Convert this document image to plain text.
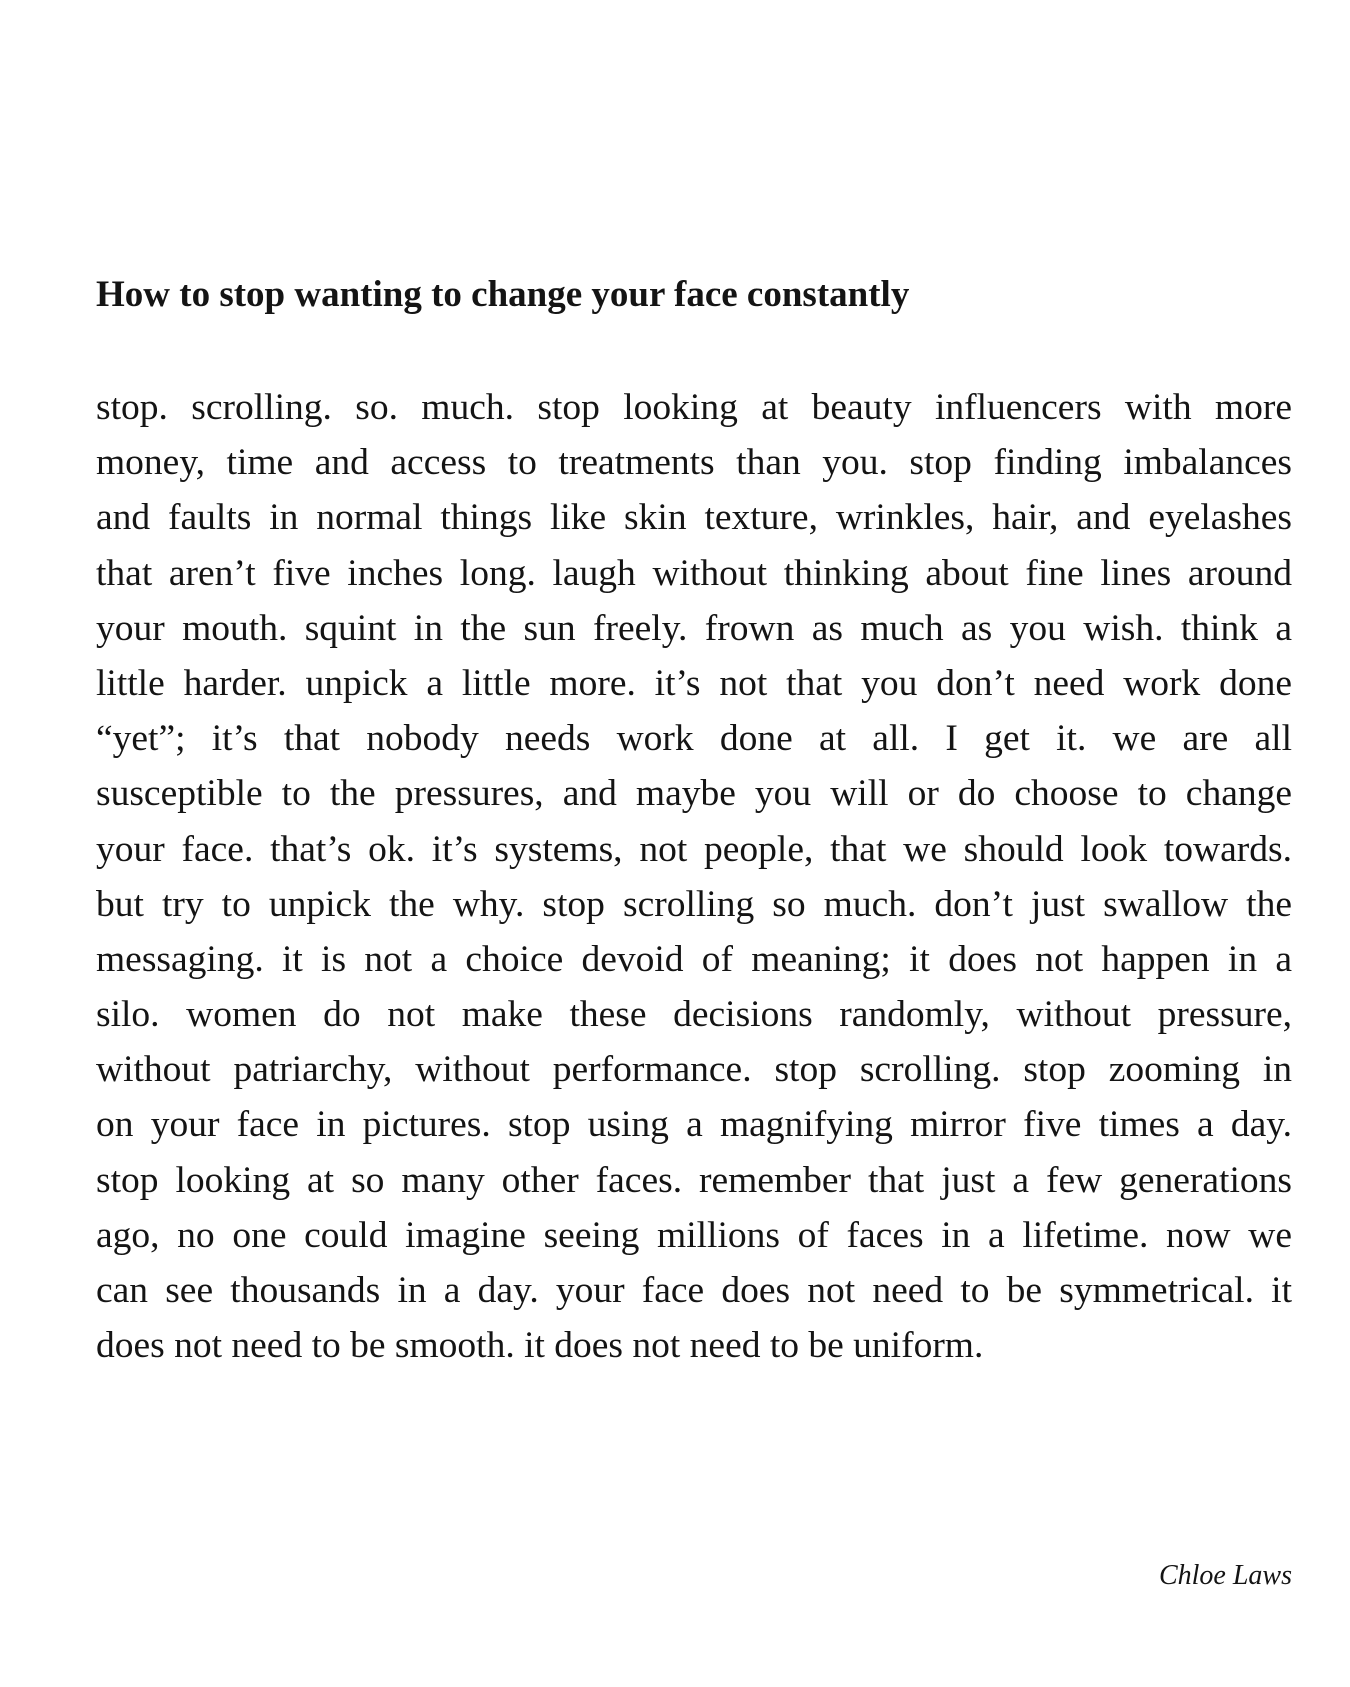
How to stop wanting to change your face constantly
stop. scrolling. so. much. stop looking at beauty influencers with more
money, time and access to treatments than you. stop finding imbalances
and faults in normal things like skin texture, wrinkles, hair, and eyelashes
that aren’t five inches long. laugh without thinking about fine lines around
your mouth. squint in the sun freely. frown as much as you wish. think a
little harder. unpick a little more. it’s not that you don’t need work done
“yet”; it’s that nobody needs work done at all. I get it. we are all
susceptible to the pressures, and maybe you will or do choose to change
your face. that’s ok. it’s systems, not people, that we should look towards.
but try to unpick the why. stop scrolling so much. don’t just swallow the
messaging. it is not a choice devoid of meaning; it does not happen in a
silo. women do not make these decisions randomly, without pressure,
without patriarchy, without performance. stop scrolling. stop zooming in
on your face in pictures. stop using a magnifying mirror five times a day.
stop looking at so many other faces. remember that just a few generations
ago, no one could imagine seeing millions of faces in a lifetime. now we
can see thousands in a day. your face does not need to be symmetrical. it
does not need to be smooth. it does not need to be uniform.

Chloe Laws
